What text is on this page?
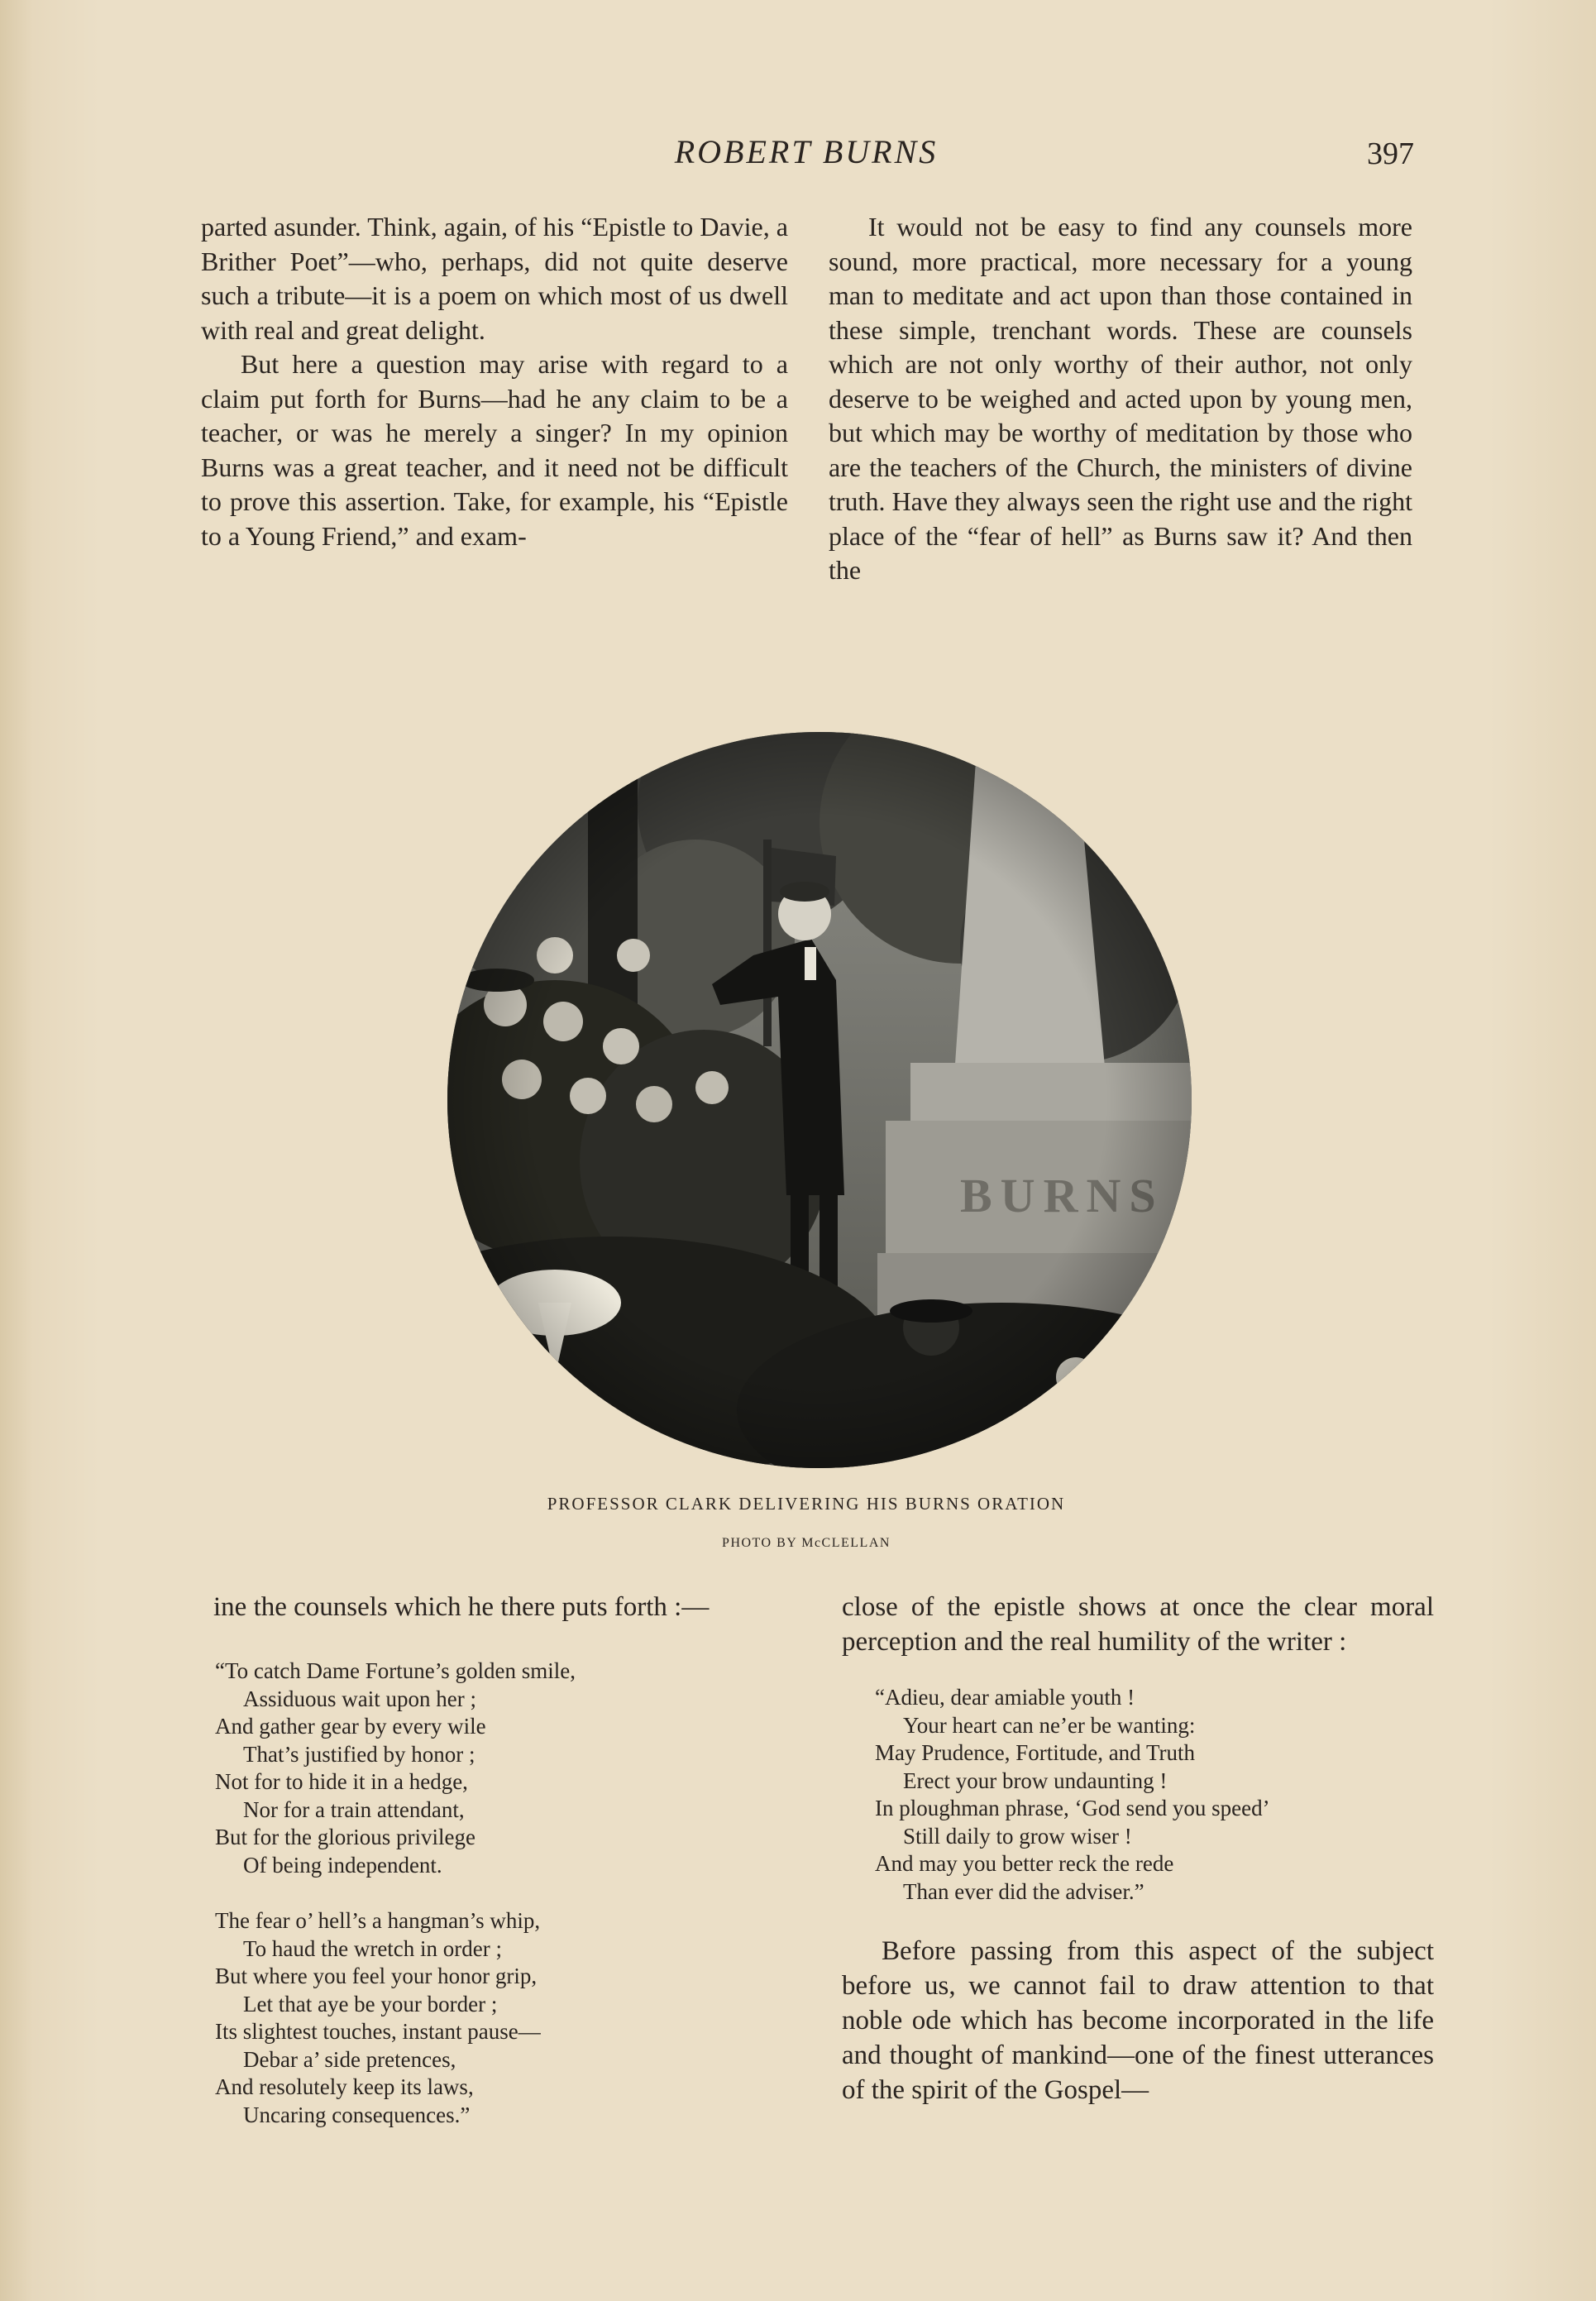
ROBERT BURNS	397

parted asunder. Think, again, of his “Epistle to Davie, a Brither Poet”—who, perhaps, did not quite deserve such a tribute—it is a poem on which most of us dwell with real and great delight.

But here a question may arise with regard to a claim put forth for Burns—had he any claim to be a teacher, or was he merely a singer? In my opinion Burns was a great teacher, and it need not be difficult to prove this assertion. Take, for example, his “Epistle to a Young Friend,” and exam-

It would not be easy to find any counsels more sound, more practical, more necessary for a young man to meditate and act upon than those contained in these simple, trenchant words. These are counsels which are not only worthy of their author, not only deserve to be weighed and acted upon by young men, but which may be worthy of meditation by those who are the teachers of the Church, the ministers of divine truth. Have they always seen the right use and the right place of the “fear of hell” as Burns saw it? And then the

PROFESSOR CLARK DELIVERING HIS BURNS ORATION
PHOTO BY McCLELLAN

ine the counsels which he there puts forth :—

“To catch Dame Fortune’s golden smile,
Assiduous wait upon her ;
And gather gear by every wile
That’s justified by honor ;
Not for to hide it in a hedge,
Nor for a train attendant,
But for the glorious privilege
Of being independent.
The fear o’ hell’s a hangman’s whip,
To haud the wretch in order ;
But where you feel your honor grip,
Let that aye be your border ;
Its slightest touches, instant pause—
Debar a’ side pretences,
And resolutely keep its laws,
Uncaring consequences.”

close of the epistle shows at once the clear moral perception and the real humility of the writer :

“Adieu, dear amiable youth !
Your heart can ne’er be wanting:
May Prudence, Fortitude, and Truth
Erect your brow undaunting !
In ploughman phrase, ‘God send you speed’
Still daily to grow wiser !
And may you better reck the rede
Than ever did the adviser.”

Before passing from this aspect of the subject before us, we cannot fail to draw attention to that noble ode which has become incorporated in the life and thought of mankind—one of the finest utterances of the spirit of the Gospel—
